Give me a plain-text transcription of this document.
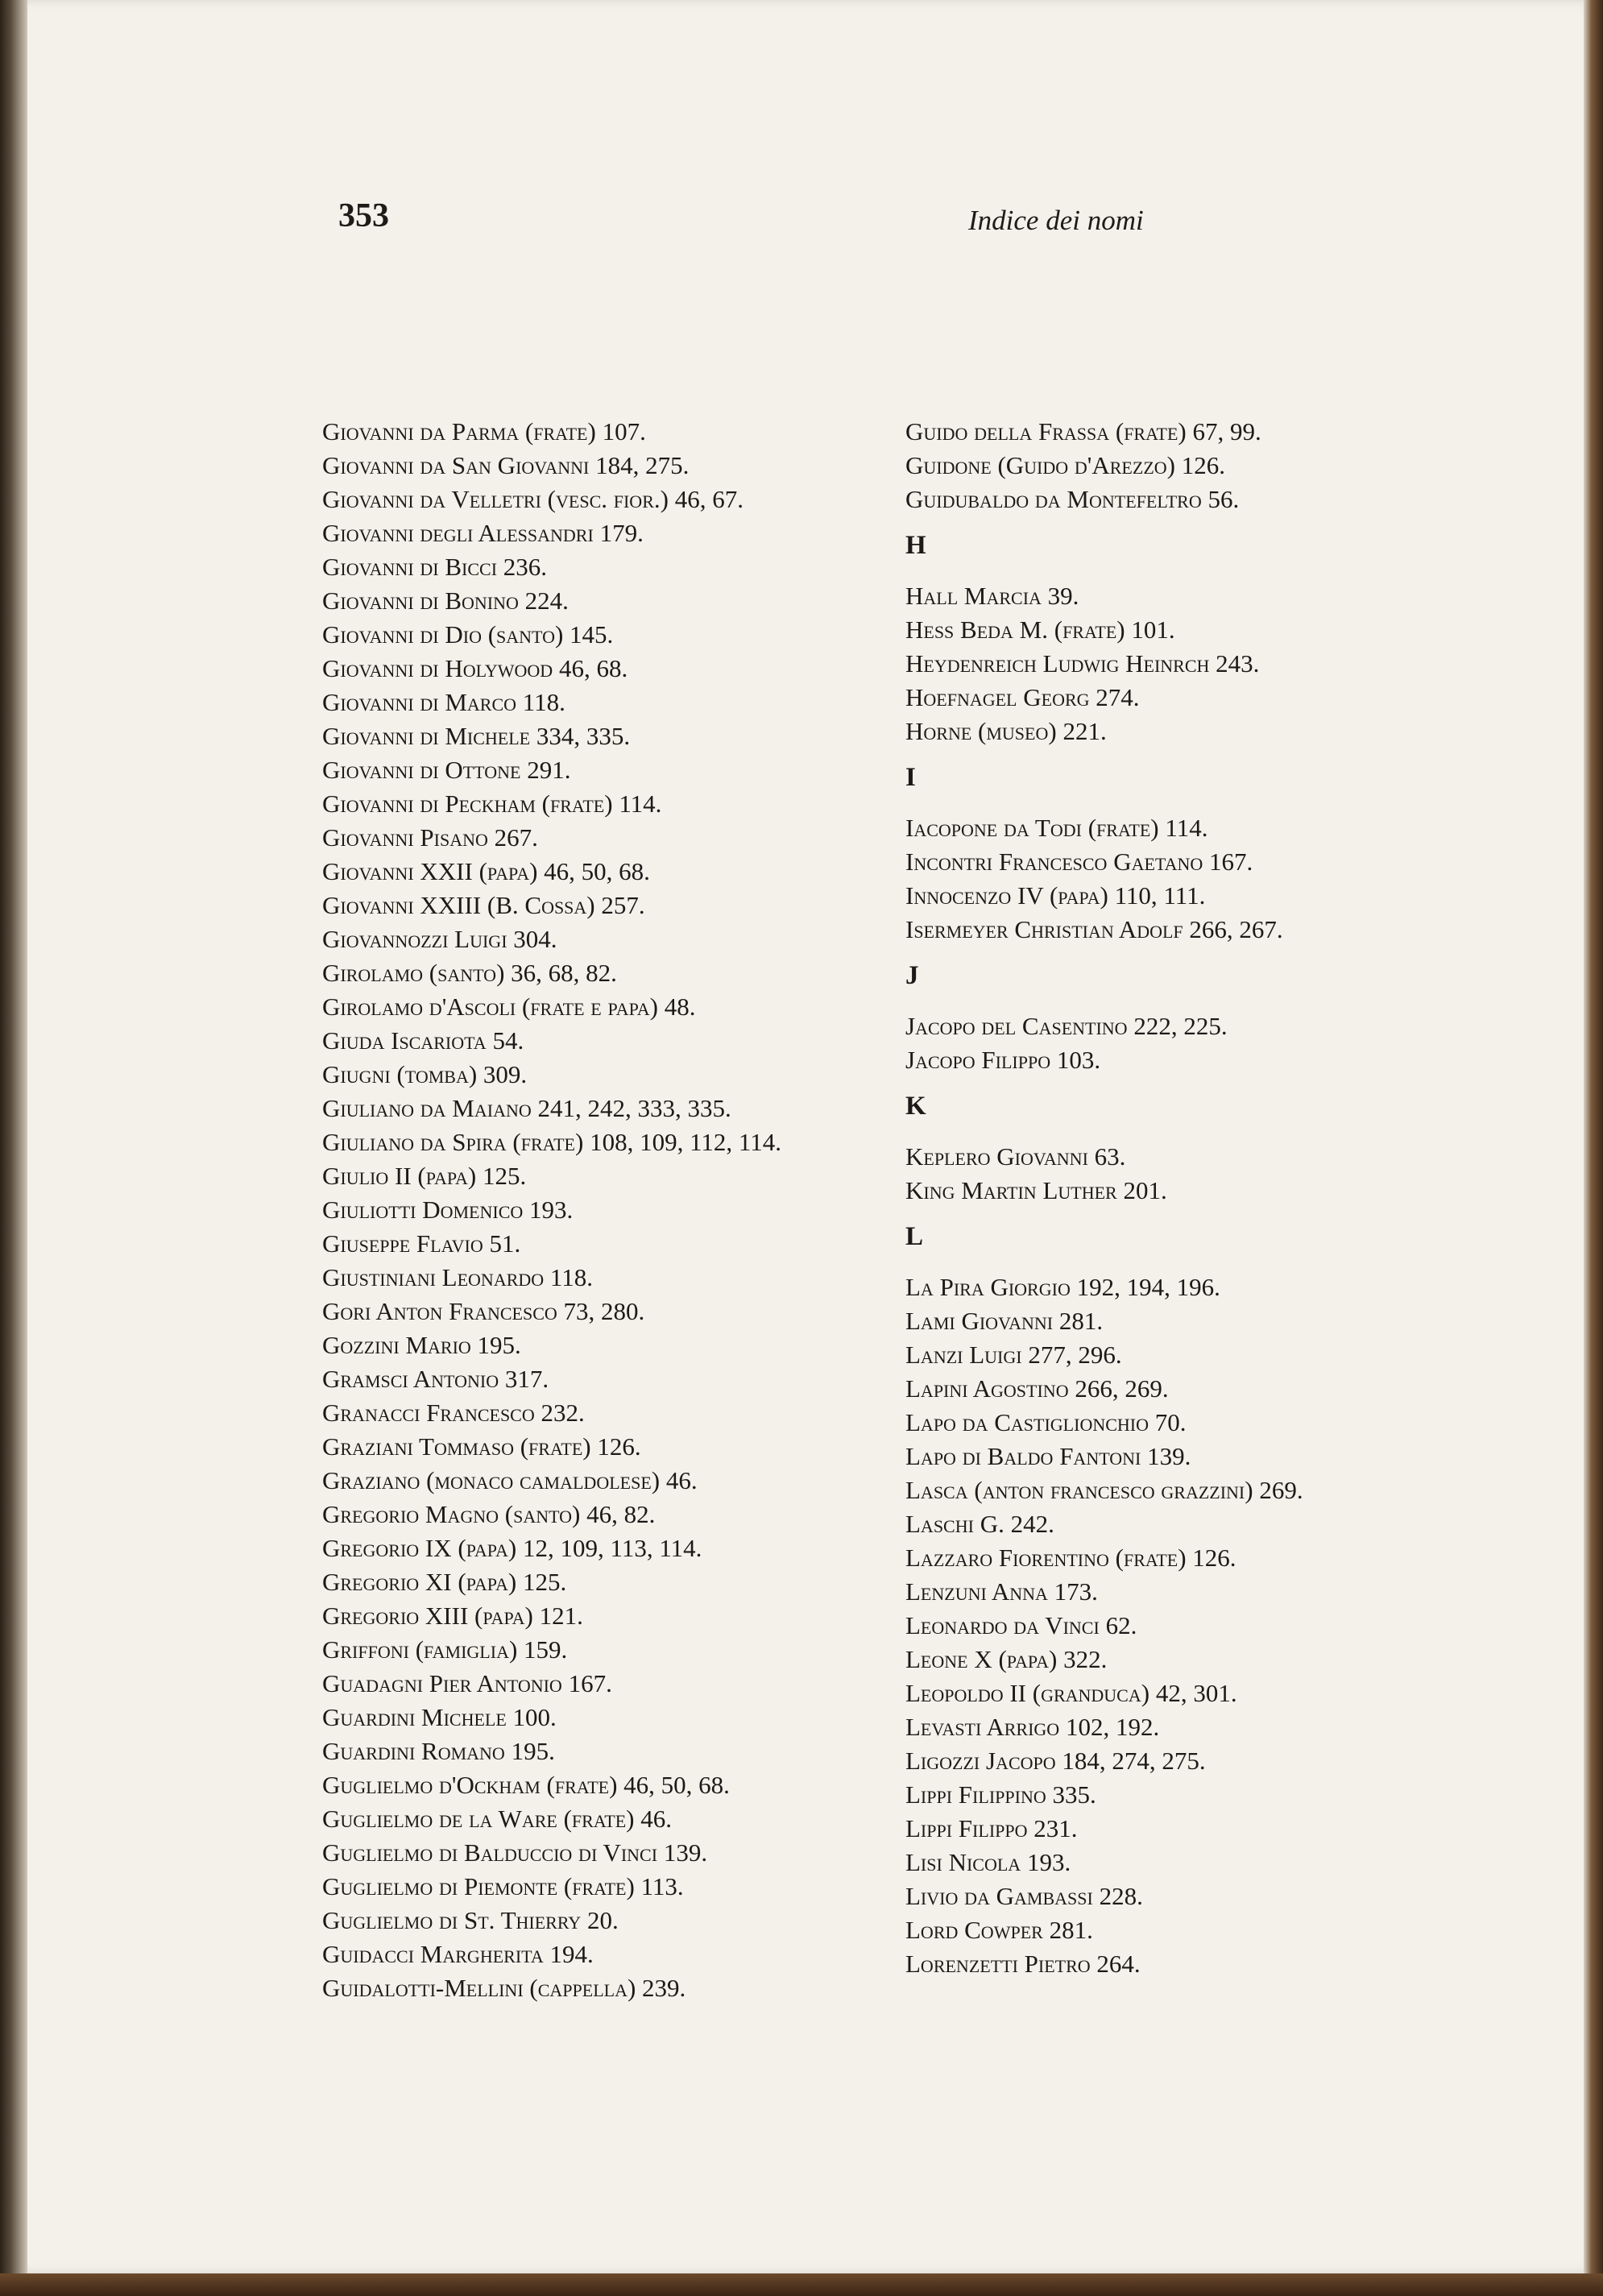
353	Indice dei nomi

Giovanni da Parma (frate) 107.

Giovanni da San Giovanni 184, 275.

Giovanni da Velletri (vesc. fior.) 46, 67.

Giovanni degli Alessandri 179.

Giovanni di Bicci 236.

Giovanni di Bonino 224.

Giovanni di Dio (santo) 145.

Giovanni di Holywood 46, 68.

Giovanni di Marco 118.

Giovanni di Michele 334, 335.

Giovanni di Ottone 291.

Giovanni di Peckham (frate) 114.

Giovanni Pisano 267.

Giovanni XXII (papa) 46, 50, 68.

Giovanni XXIII (B. Cossa) 257.

Giovannozzi Luigi 304.

Girolamo (santo) 36, 68, 82.

Girolamo d'Ascoli (frate e papa) 48.

Giuda Iscariota 54.

Giugni (tomba) 309.

Giuliano da Maiano 241, 242, 333, 335.

Giuliano da Spira (frate) 108, 109, 112, 114.

Giulio II (papa) 125.

Giuliotti Domenico 193.

Giuseppe Flavio 51.

Giustiniani Leonardo 118.

Gori Anton Francesco 73, 280.

Gozzini Mario 195.

Gramsci Antonio 317.

Granacci Francesco 232.

Graziani Tommaso (frate) 126.

Graziano (monaco camaldolese) 46.

Gregorio Magno (santo) 46, 82.

Gregorio IX (papa) 12, 109, 113, 114.

Gregorio XI (papa) 125.

Gregorio XIII (papa) 121.

Griffoni (famiglia) 159.

Guadagni Pier Antonio 167.

Guardini Michele 100.

Guardini Romano 195.

Guglielmo d'Ockham (frate) 46, 50, 68.

Guglielmo de la Ware (frate) 46.

Guglielmo di Balduccio di Vinci 139.

Guglielmo di Piemonte (frate) 113.

Guglielmo di St. Thierry 20.

Guidacci Margherita 194.

Guidalotti-Mellini (cappella) 239.

Guido della Frassa (frate) 67, 99.

Guidone (Guido d'Arezzo) 126.

Guidubaldo da Montefeltro 56.

H

Hall Marcia 39.

Hess Beda M. (frate) 101.

Heydenreich Ludwig Heinrch 243.

Hoefnagel Georg 274.

Horne (museo) 221.

I

Iacopone da Todi (frate) 114.

Incontri Francesco Gaetano 167.

Innocenzo IV (papa) 110, 111.

Isermeyer Christian Adolf 266, 267.

J

Jacopo del Casentino 222, 225.

Jacopo Filippo 103.

K

Keplero Giovanni 63.

King Martin Luther 201.

L

La Pira Giorgio 192, 194, 196.

Lami Giovanni 281.

Lanzi Luigi 277, 296.

Lapini Agostino 266, 269.

Lapo da Castiglionchio 70.

Lapo di Baldo Fantoni 139.

Lasca (anton francesco grazzini) 269.

Laschi G. 242.

Lazzaro Fiorentino (frate) 126.

Lenzuni Anna 173.

Leonardo da Vinci 62.

Leone X (papa) 322.

Leopoldo II (granduca) 42, 301.

Levasti Arrigo 102, 192.

Ligozzi Jacopo 184, 274, 275.

Lippi Filippino 335.

Lippi Filippo 231.

Lisi Nicola 193.

Livio da Gambassi 228.

Lord Cowper 281.

Lorenzetti Pietro 264.
